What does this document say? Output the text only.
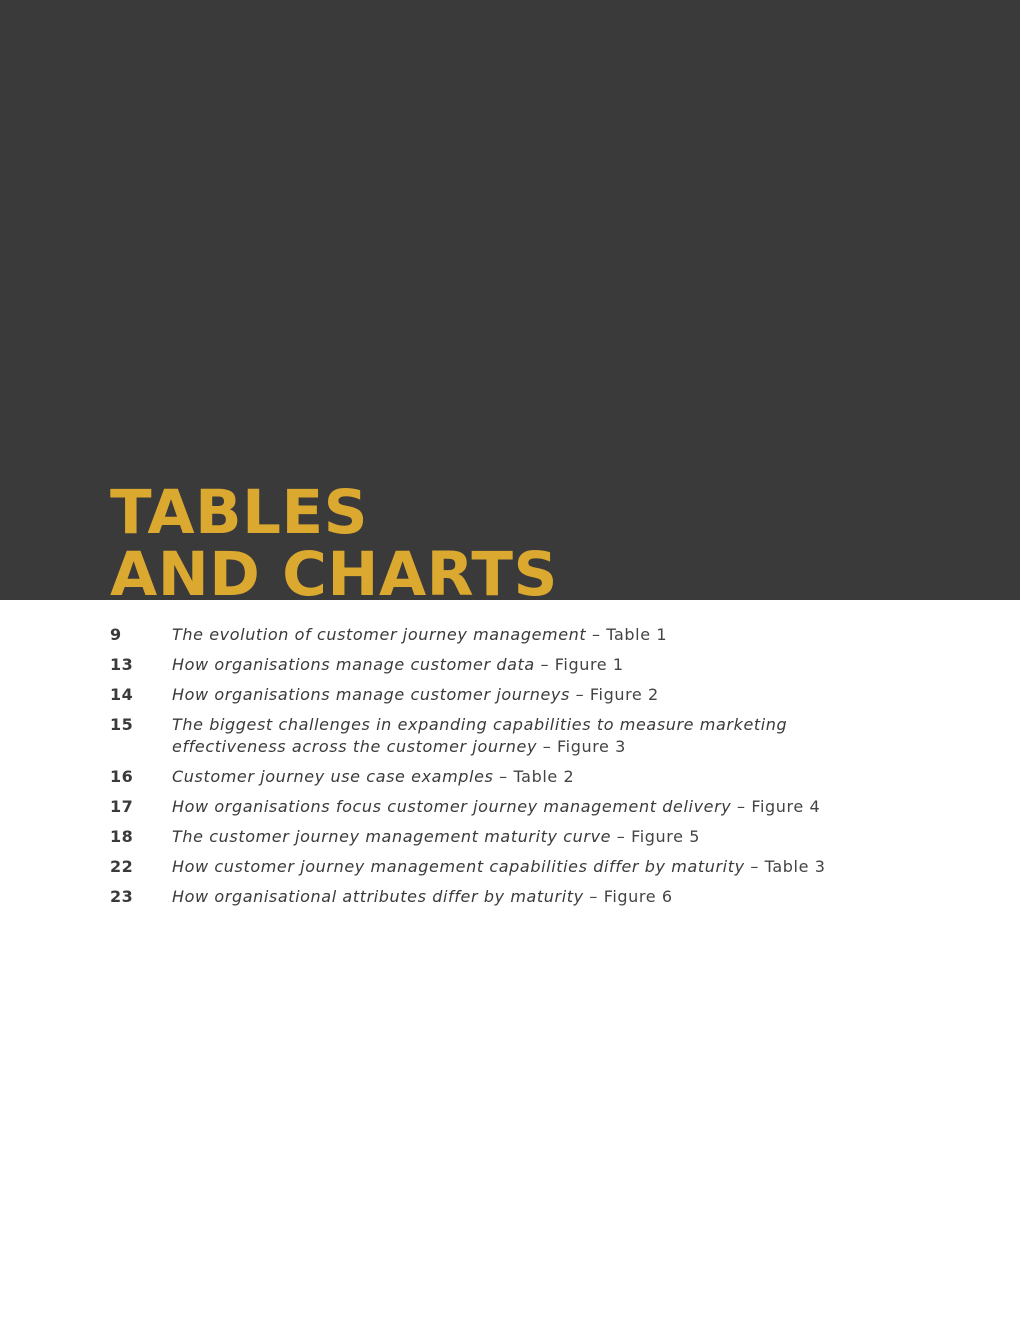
TABLES
AND CHARTS
9	The evolution of customer journey management – Table 1
13	How organisations manage customer data – Figure 1
14	How organisations manage customer journeys – Figure 2
15	The biggest challenges in expanding capabilities to measure marketing effectiveness across the customer journey – Figure 3
16	Customer journey use case examples – Table 2
17	How organisations focus customer journey management delivery – Figure 4
18	The customer journey management maturity curve – Figure 5
22	How customer journey management capabilities differ by maturity – Table 3
23	How organisational attributes differ by maturity – Figure 6
